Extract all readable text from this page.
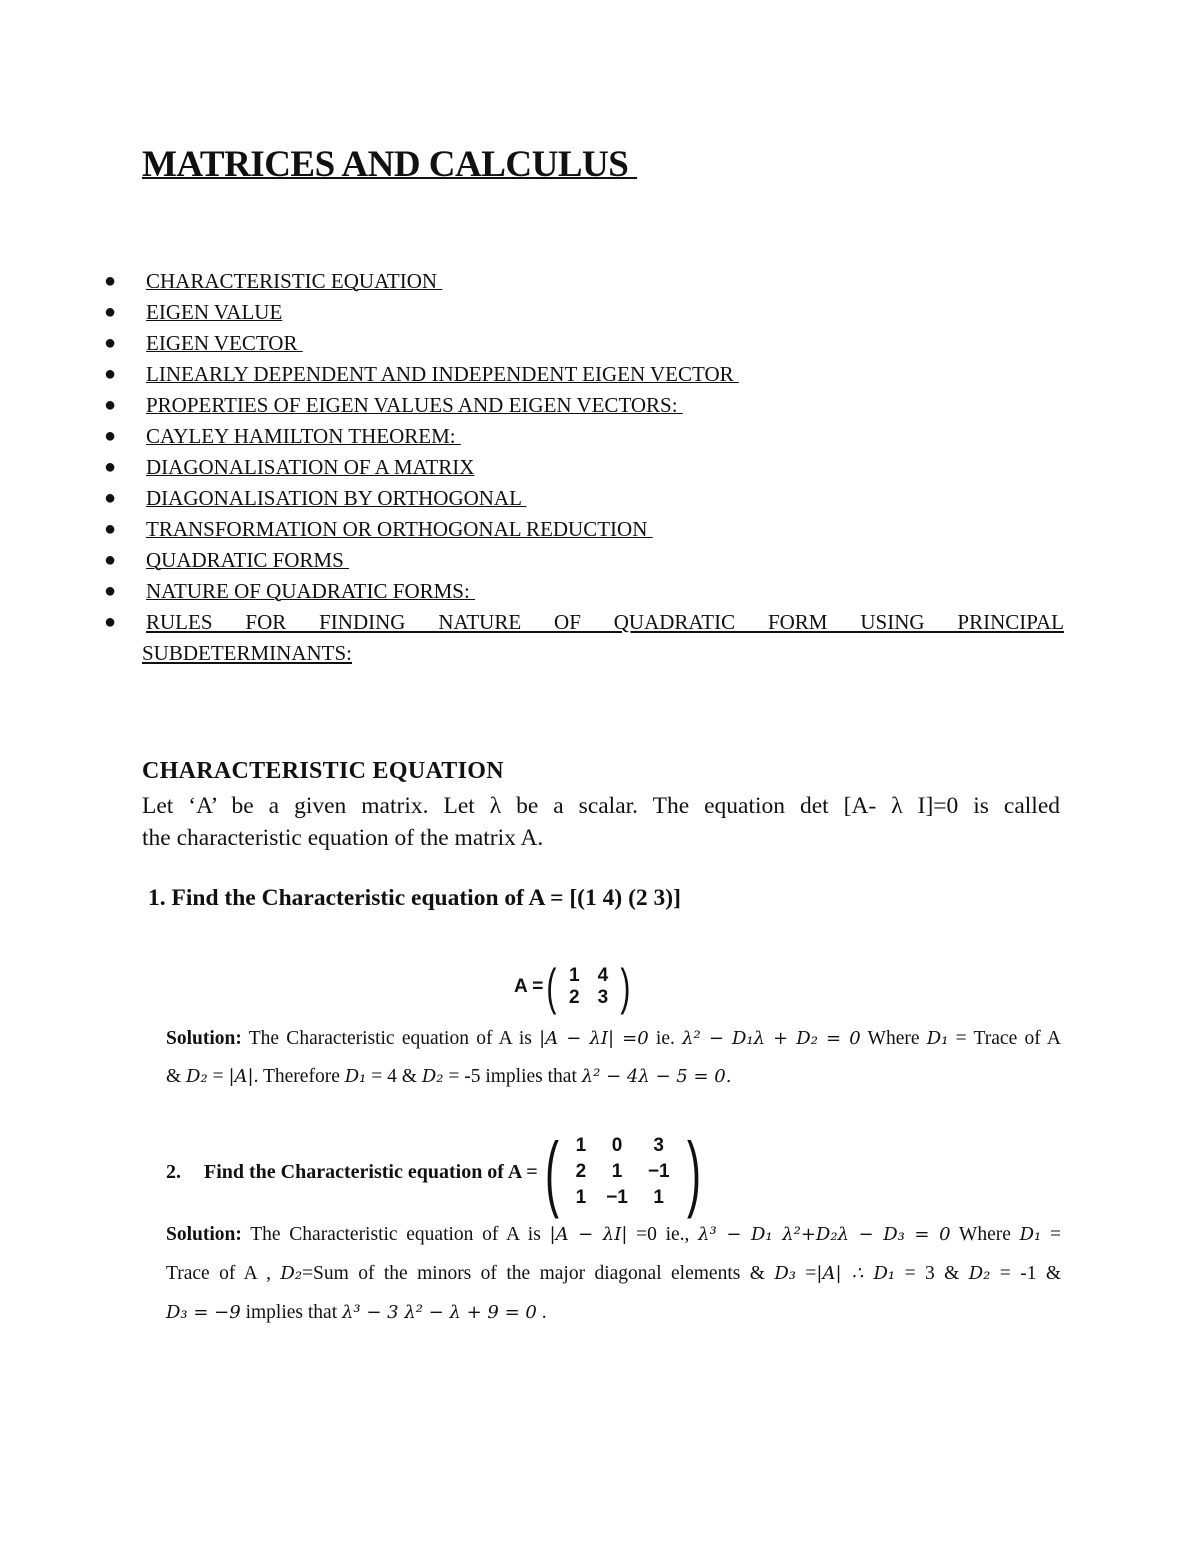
MATRICES AND CALCULUS
● CHARACTERISTIC EQUATION
● EIGEN VALUE
● EIGEN VECTOR
● LINEARLY DEPENDENT AND INDEPENDENT EIGEN VECTOR
● PROPERTIES OF EIGEN VALUES AND EIGEN VECTORS:
● CAYLEY HAMILTON THEOREM:
● DIAGONALISATION OF A MATRIX
● DIAGONALISATION BY ORTHOGONAL
● TRANSFORMATION OR ORTHOGONAL REDUCTION
● QUADRATIC FORMS
● NATURE OF QUADRATIC FORMS:
● RULES FOR FINDING NATURE OF QUADRATIC FORM USING PRINCIPAL
SUBDETERMINANTS:
CHARACTERISTIC EQUATION
Let ‘A’ be a given matrix. Let λ be a scalar. The equation det [A- λ I]=0 is called
the characteristic equation of the matrix A.
1. Find the Characteristic equation of A = [(1 4) (2 3)]
A = ( 1	4
2	3 )
Solution: The Characteristic equation of A is |A − λI| =0 ie. λ² − D₁λ + D₂ = 0 Where D₁ = Trace of A
& D₂ = |A|. Therefore D₁ = 4 & D₂ = -5 implies that λ² − 4λ − 5 = 0.
2.	Find the Characteristic equation of A = ( 1	0	3
2	1	−1
1	−1	1 )
Solution: The Characteristic equation of A is |A − λI| =0 ie., λ³ − D₁ λ²+D₂λ − D₃ = 0 Where D₁ =
Trace of A , D₂=Sum of the minors of the major diagonal elements & D₃ =|A| ∴ D₁ = 3 & D₂ = -1 &
D₃ = −9 implies that λ³ − 3 λ² − λ + 9 = 0 .
